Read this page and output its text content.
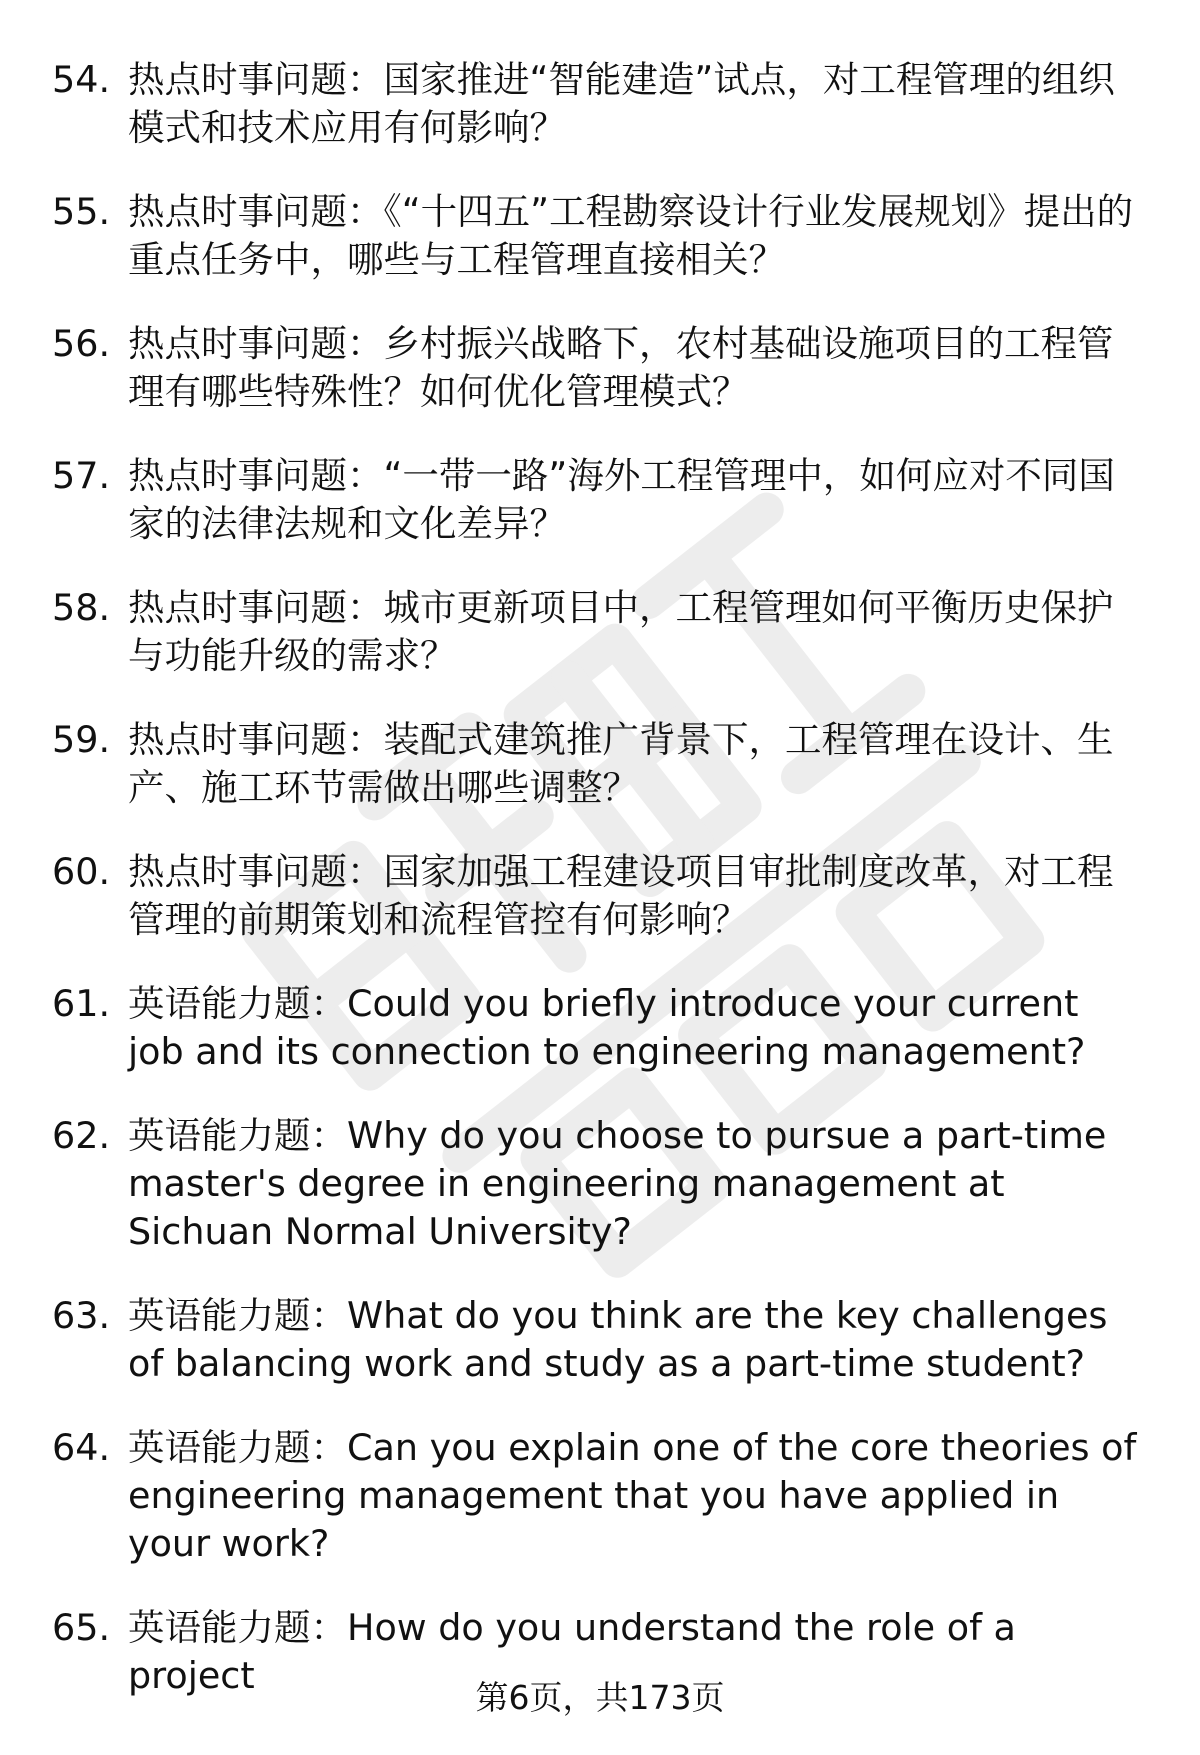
54. 热点时事问题：国家推进“智能建造”试点，对工程管理的组织模式和技术应用有何影响？
55. 热点时事问题：《“十四五”工程勘察设计行业发展规划》提出的重点任务中，哪些与工程管理直接相关？
56. 热点时事问题：乡村振兴战略下，农村基础设施项目的工程管理有哪些特殊性？如何优化管理模式？
57. 热点时事问题：“一带一路”海外工程管理中，如何应对不同国家的法律法规和文化差异？
58. 热点时事问题：城市更新项目中，工程管理如何平衡历史保护与功能升级的需求？
59. 热点时事问题：装配式建筑推广背景下，工程管理在设计、生产、施工环节需做出哪些调整？
60. 热点时事问题：国家加强工程建设项目审批制度改革，对工程管理的前期策划和流程管控有何影响？
61. 英语能力题：Could you briefly introduce your current job and its connection to engineering management?
62. 英语能力题：Why do you choose to pursue a part-time master's degree in engineering management at Sichuan Normal University?
63. 英语能力题：What do you think are the key challenges of balancing work and study as a part-time student?
64. 英语能力题：Can you explain one of the core theories of engineering management that you have applied in your work?
65. 英语能力题：How do you understand the role of a project
第6页，共173页
